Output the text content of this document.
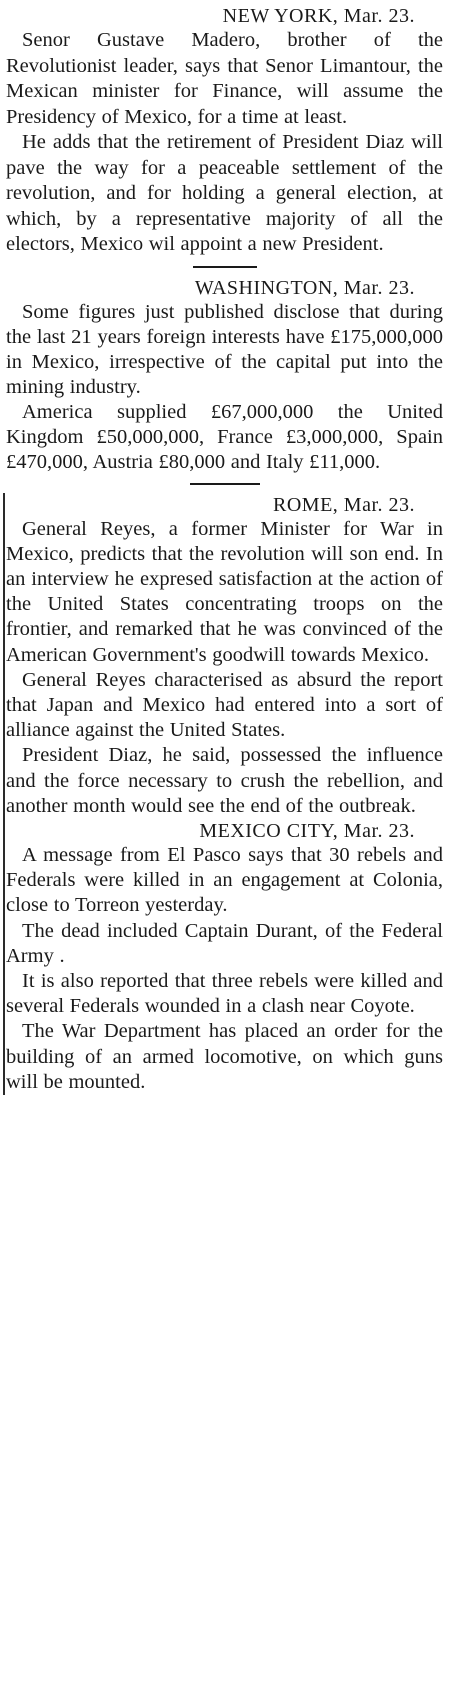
NEW YORK, Mar. 23.

Senor Gustave Madero, brother of the Revolutionist leader, says that Senor Limantour, the Mexican minister for Finance, will assume the Presidency of Mexico, for a time at least.

He adds that the retirement of President Diaz will pave the way for a peaceable settlement of the revolution, and for holding a general election, at which, by a representative majority of all the electors, Mexico wil appoint a new President.

WASHINGTON, Mar. 23.

Some figures just published disclose that during the last 21 years foreign interests have £175,000,000 in Mexico, irrespective of the capital put into the mining industry.

America supplied £67,000,000 the United Kingdom £50,000,000, France £3,000,000, Spain £470,000, Austria £80,000 and Italy £11,000.

ROME, Mar. 23.

General Reyes, a former Minister for War in Mexico, predicts that the revolution will son end. In an interview he expresed satisfaction at the action of the United States concentrating troops on the frontier, and remarked that he was convinced of the American Government's goodwill towards Mexico.

General Reyes characterised as absurd the report that Japan and Mexico had entered into a sort of alliance against the United States.

President Diaz, he said, possessed the influence and the force necessary to crush the rebellion, and another month would see the end of the outbreak.

MEXICO CITY, Mar. 23.

A message from El Pasco says that 30 rebels and Federals were killed in an engagement at Colonia, close to Torreon yesterday.

The dead included Captain Durant, of the Federal Army .

It is also reported that three rebels were killed and several Federals wounded in a clash near Coyote.

The War Department has placed an order for the building of an armed locomotive, on which guns will be mounted.
